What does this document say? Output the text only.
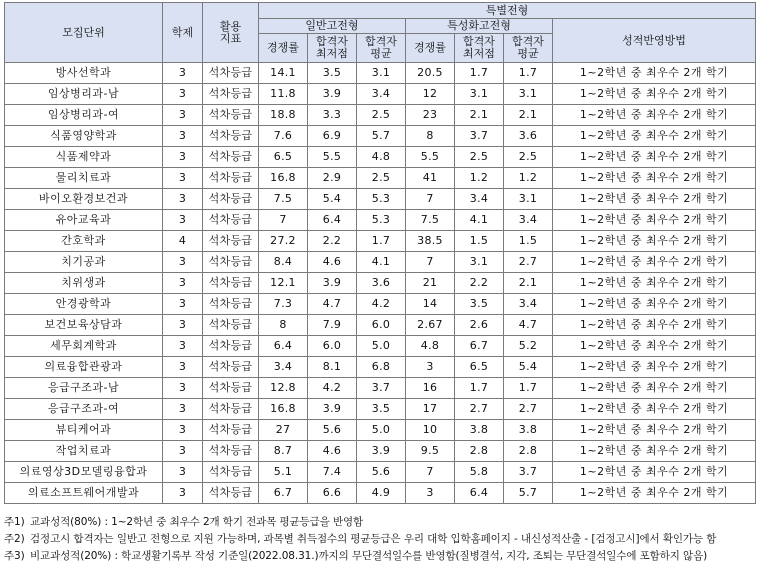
모집단위	학제	활용 지표	특별전형						
			일반고전형			특성화고전형			성적반영방법
			경쟁률	합격자 최저점	합격자 평균	경쟁률	합격자 최저점	합격자 평균	
방사선학과	3	석차등급	14.1	3.5	3.1	20.5	1.7	1.7	1~2학년 중 최우수 2개 학기
임상병리과-남	3	석차등급	11.8	3.9	3.4	12	3.1	3.1	1~2학년 중 최우수 2개 학기
임상병리과-여	3	석차등급	18.8	3.3	2.5	23	2.1	2.1	1~2학년 중 최우수 2개 학기
식품영양학과	3	석차등급	7.6	6.9	5.7	8	3.7	3.6	1~2학년 중 최우수 2개 학기
식품제약과	3	석차등급	6.5	5.5	4.8	5.5	2.5	2.5	1~2학년 중 최우수 2개 학기
물리치료과	3	석차등급	16.8	2.9	2.5	41	1.2	1.2	1~2학년 중 최우수 2개 학기
바이오환경보건과	3	석차등급	7.5	5.4	5.3	7	3.4	3.1	1~2학년 중 최우수 2개 학기
유아교육과	3	석차등급	7	6.4	5.3	7.5	4.1	3.4	1~2학년 중 최우수 2개 학기
간호학과	4	석차등급	27.2	2.2	1.7	38.5	1.5	1.5	1~2학년 중 최우수 2개 학기
치기공과	3	석차등급	8.4	4.6	4.1	7	3.1	2.7	1~2학년 중 최우수 2개 학기
치위생과	3	석차등급	12.1	3.9	3.6	21	2.2	2.1	1~2학년 중 최우수 2개 학기
안경광학과	3	석차등급	7.3	4.7	4.2	14	3.5	3.4	1~2학년 중 최우수 2개 학기
보건보육상담과	3	석차등급	8	7.9	6.0	2.67	2.6	4.7	1~2학년 중 최우수 2개 학기
세무회계학과	3	석차등급	6.4	6.0	5.0	4.8	6.7	5.2	1~2학년 중 최우수 2개 학기
의료융합관광과	3	석차등급	3.4	8.1	6.8	3	6.5	5.4	1~2학년 중 최우수 2개 학기
응급구조과-남	3	석차등급	12.8	4.2	3.7	16	1.7	1.7	1~2학년 중 최우수 2개 학기
응급구조과-여	3	석차등급	16.8	3.9	3.5	17	2.7	2.7	1~2학년 중 최우수 2개 학기
뷰티케어과	3	석차등급	27	5.6	5.0	10	3.8	3.8	1~2학년 중 최우수 2개 학기
작업치료과	3	석차등급	8.7	4.6	3.9	9.5	2.8	2.8	1~2학년 중 최우수 2개 학기
의료영상3D모델링융합과	3	석차등급	5.1	7.4	5.6	7	5.8	3.7	1~2학년 중 최우수 2개 학기
의료소프트웨어개발과	3	석차등급	6.7	6.6	4.9	3	6.4	5.7	1~2학년 중 최우수 2개 학기
주1) 교과성적(80%) : 1~2학년 중 최우수 2개 학기 전과목 평균등급을 반영함
주2) 검정고시 합격자는 일반고 전형으로 지원 가능하며, 과목별 취득점수의 평균등급은 우리 대학 입학홈페이지 - 내신성적산출 - [검정고시]에서 확인가능 함
주3) 비교과성적(20%) : 학교생활기록부 작성 기준일(2022.08.31.)까지의 무단결석일수를 반영함(질병결석, 지각, 조퇴는 무단결석일수에 포함하지 않음)
